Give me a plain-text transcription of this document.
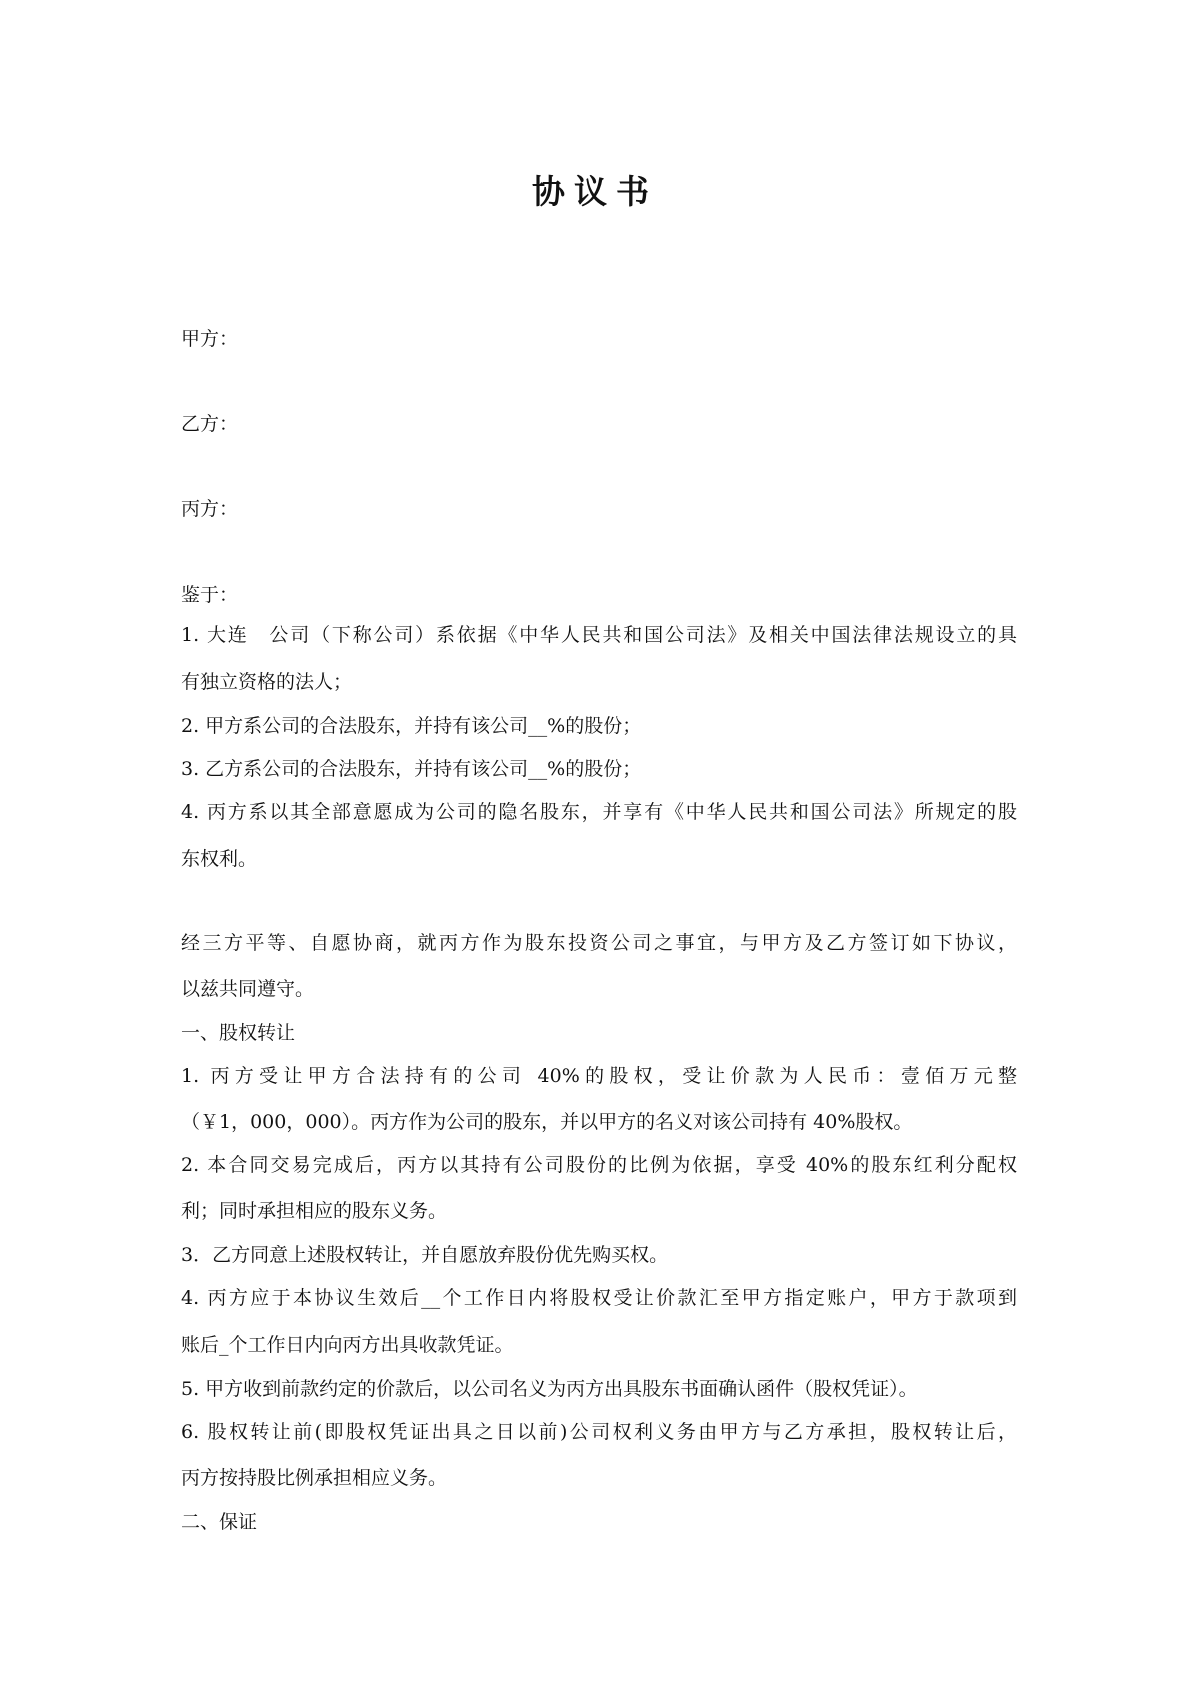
协议书
甲方：
乙方：
丙方：
鉴于：
1. 大连　公司（下称公司）系依据《中华人民共和国公司法》及相关中国法律法规设立的具
有独立资格的法人；
2. 甲方系公司的合法股东，并持有该公司__%的股份；
3. 乙方系公司的合法股东，并持有该公司__%的股份；
4. 丙方系以其全部意愿成为公司的隐名股东，并享有《中华人民共和国公司法》所规定的股
东权利。
经三方平等、自愿协商，就丙方作为股东投资公司之事宜，与甲方及乙方签订如下协议，
以兹共同遵守。
一、股权转让
1. 丙方受让甲方合法持有的公司 40%的股权，受让价款为人民币：壹佰万元整
（￥1，000，000）。丙方作为公司的股东，并以甲方的名义对该公司持有 40%股权。
2. 本合同交易完成后，丙方以其持有公司股份的比例为依据，享受 40%的股东红利分配权
利；同时承担相应的股东义务。
3．乙方同意上述股权转让，并自愿放弃股份优先购买权。
4. 丙方应于本协议生效后__个工作日内将股权受让价款汇至甲方指定账户，甲方于款项到
账后_个工作日内向丙方出具收款凭证。
5. 甲方收到前款约定的价款后，以公司名义为丙方出具股东书面确认函件（股权凭证）。
6. 股权转让前(即股权凭证出具之日以前)公司权利义务由甲方与乙方承担，股权转让后，
丙方按持股比例承担相应义务。
二、保证
